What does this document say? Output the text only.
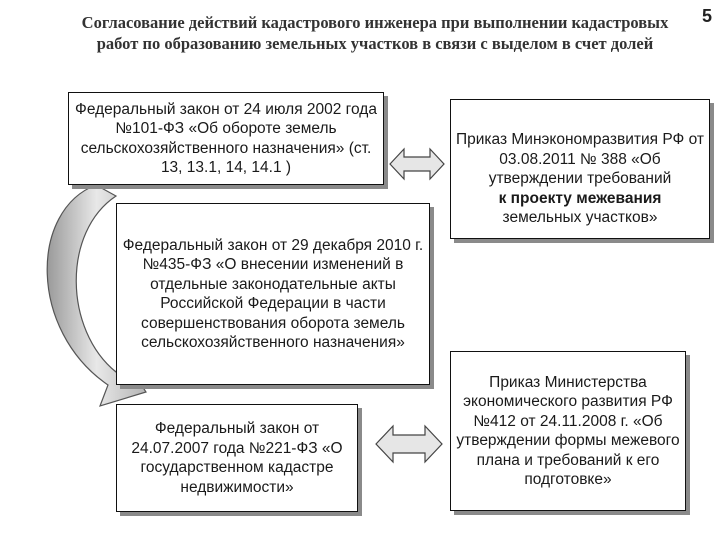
Согласование действий кадастрового инженера при выполнении кадастровых работ по образованию земельных участков в связи с выделом в счет долей
5
Федеральный закон от 24 июля 2002 года №101-ФЗ «Об обороте земель сельскохозяйственного назначения» (ст. 13, 13.1, 14, 14.1 )
Федеральный закон от 29 декабря 2010 г. №435-ФЗ «О внесении изменений в отдельные законодательные акты Российской Федерации в части совершенствования оборота земель сельскохозяйственного назначения»
Федеральный закон от 24.07.2007 года №221-ФЗ «О государственном кадастре недвижимости»

Приказ Минэкономразвития РФ от 03.08.2011 № 388 «Об утверждении требований
к проекту межевания
земельных участков»

Приказ Министерства экономического развития РФ №412 от 24.11.2008 г. «Об утверждении формы межевого плана и требований к его подготовке»
